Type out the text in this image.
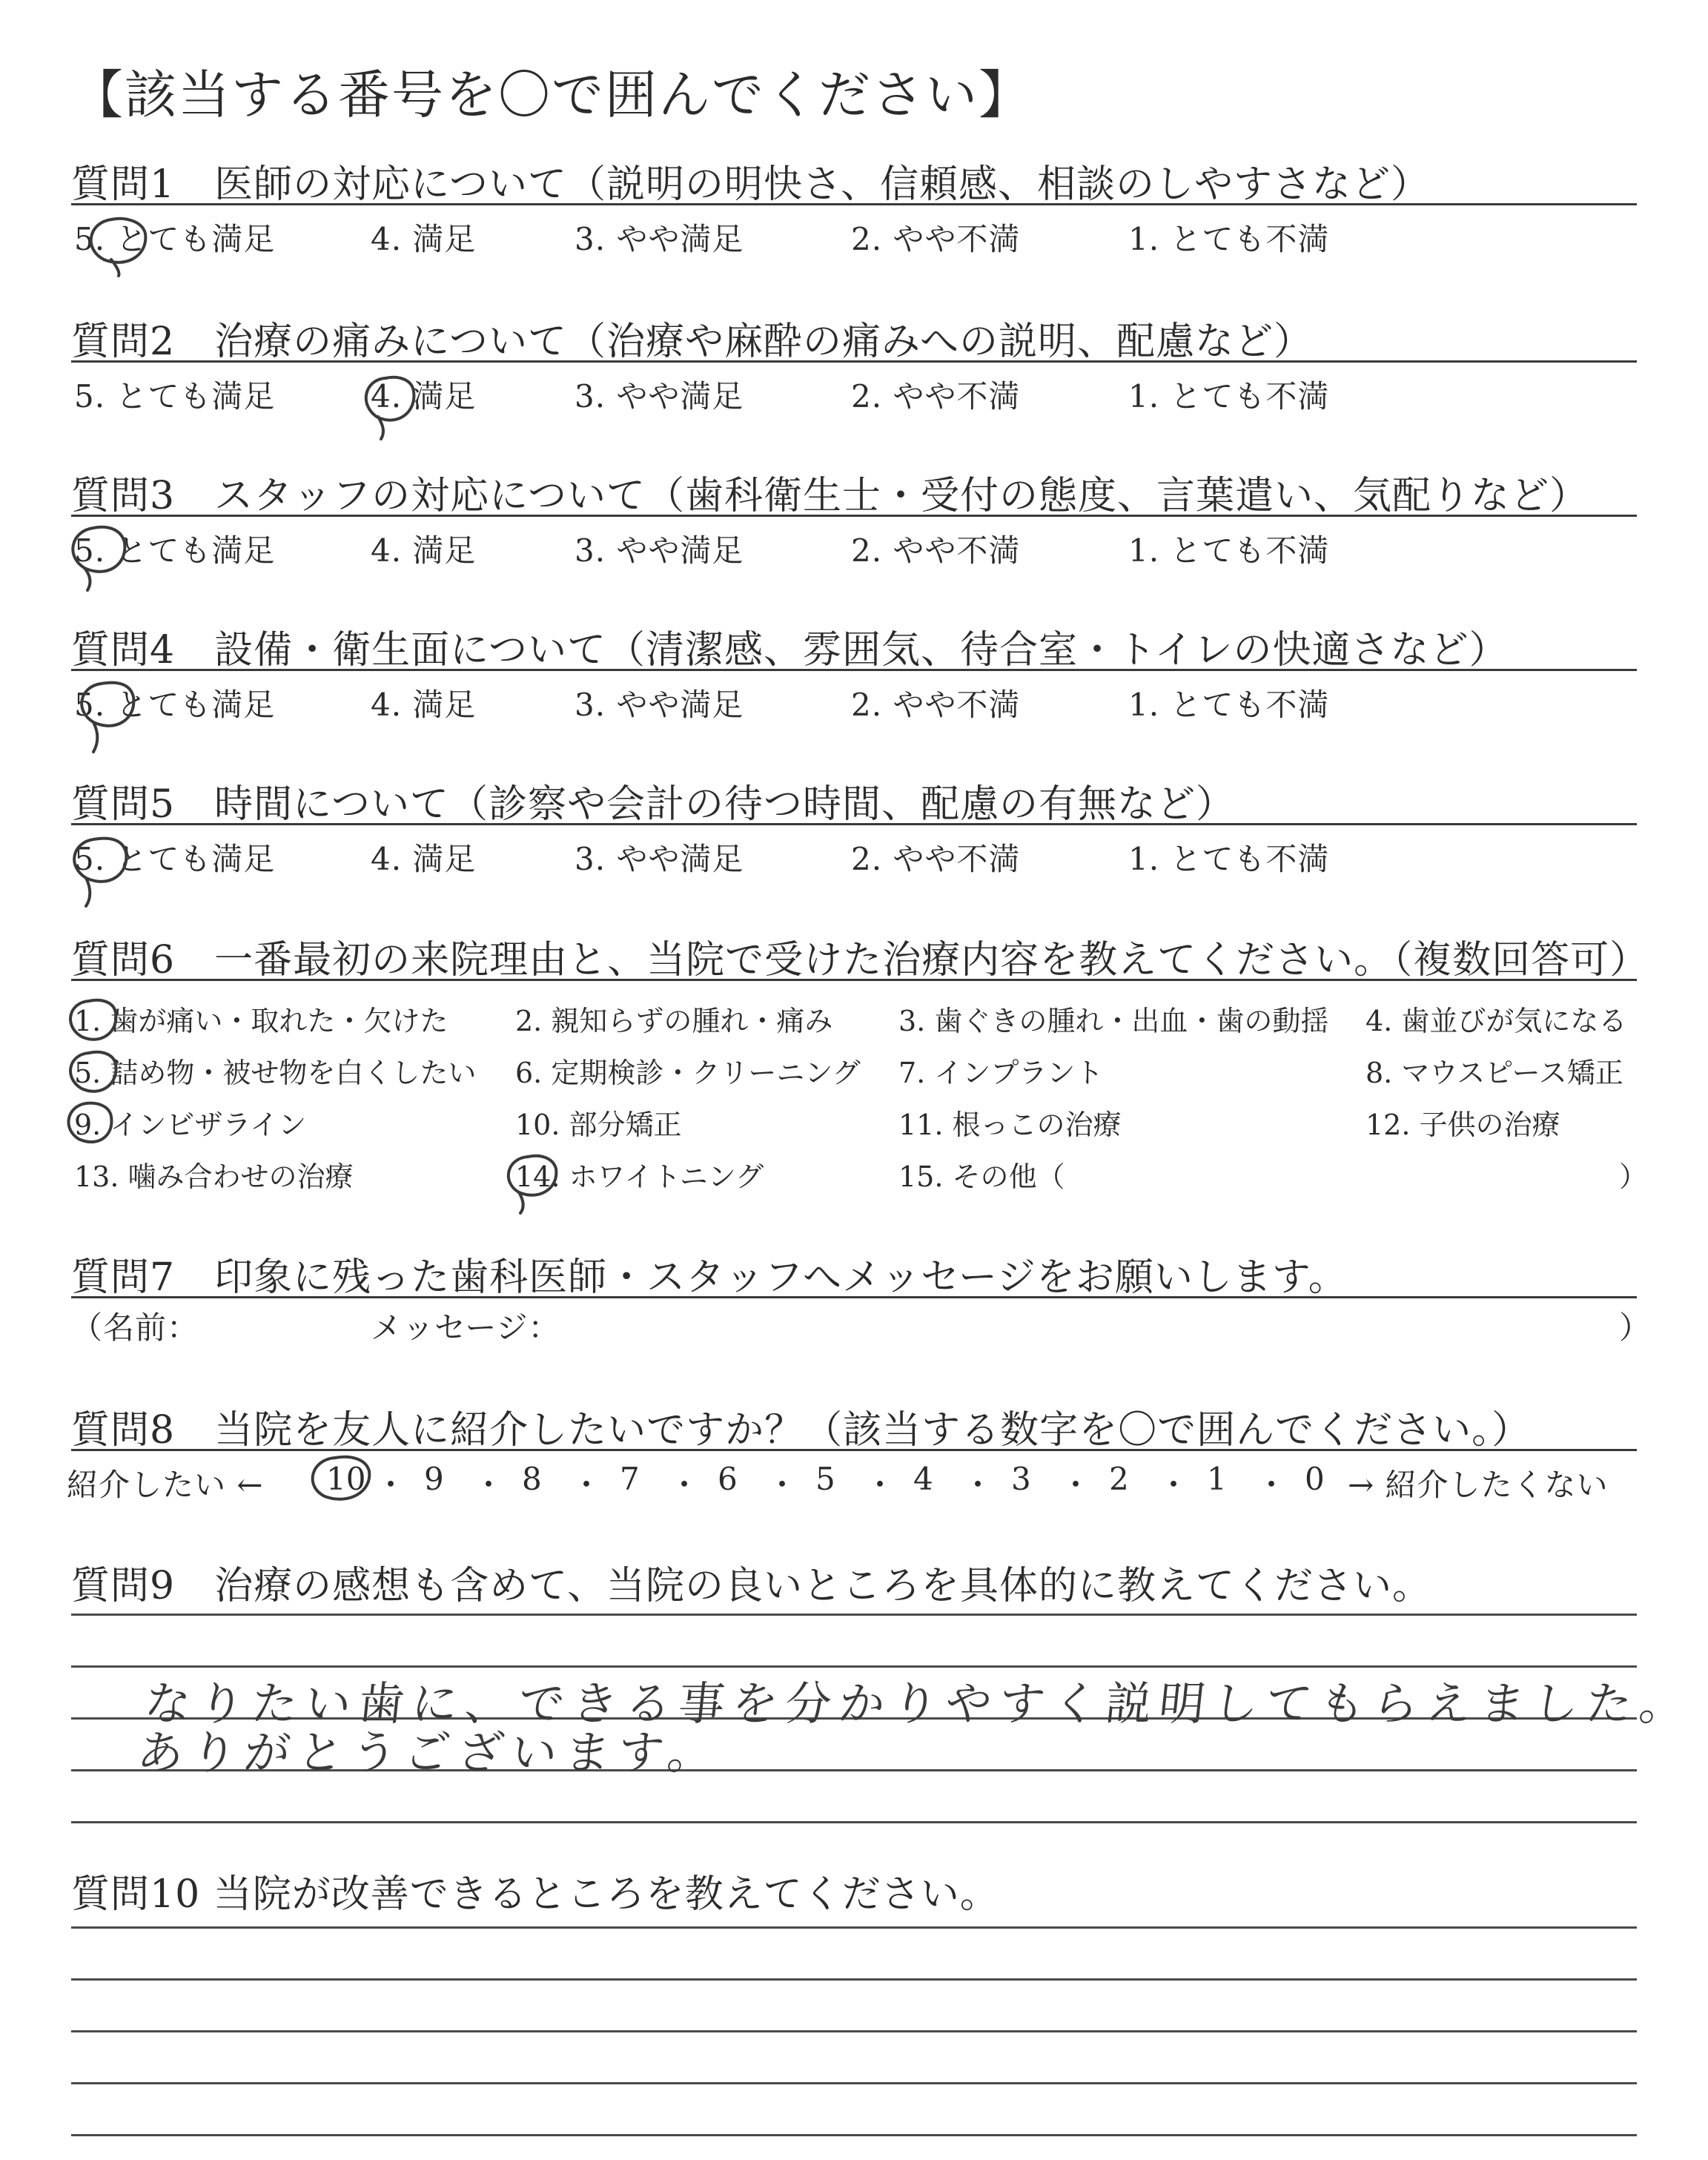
【該当する番号を〇で囲んでください】
質問1　医師の対応について（説明の明快さ、信頼感、相談のしやすさなど）
5. とても満足	4. 満足	3. やや満足	2. やや不満	1. とても不満
質問2　治療の痛みについて（治療や麻酔の痛みへの説明、配慮など）
5. とても満足	4. 満足	3. やや満足	2. やや不満	1. とても不満
質問3　スタッフの対応について（歯科衛生士・受付の態度、言葉遣い、気配りなど）
5. とても満足	4. 満足	3. やや満足	2. やや不満	1. とても不満
質問4　設備・衛生面について（清潔感、雰囲気、待合室・トイレの快適さなど）
5. とても満足	4. 満足	3. やや満足	2. やや不満	1. とても不満
質問5　時間について（診察や会計の待つ時間、配慮の有無など）
5. とても満足	4. 満足	3. やや満足	2. やや不満	1. とても不満
質問6　一番最初の来院理由と、当院で受けた治療内容を教えてください。（複数回答可）
1. 歯が痛い・取れた・欠けた 2. 親知らずの腫れ・痛み 3. 歯ぐきの腫れ・出血・歯の動揺 4. 歯並びが気になる
5. 詰め物・被せ物を白くしたい 6. 定期検診・クリーニング 7. インプラント	8. マウスピース矯正
9. インビザライン	10. 部分矯正	11. 根っこの治療	12. 子供の治療
13. 噛み合わせの治療	14. ホワイトニング	15. その他（	）
質問7　印象に残った歯科医師・スタッフへメッセージをお願いします。
（名前：	メッセージ：	）
質問8　当院を友人に紹介したいですか？（該当する数字を〇で囲んでください。）
紹介したい ← 10 ・ 9 ・ 8 ・ 7 ・ 6 ・ 5 ・ 4 ・ 3 ・ 2 ・ 1 ・ 0 → 紹介したくない
質問9　治療の感想も含めて、当院の良いところを具体的に教えてください。
なりたい歯に、できる事を分かりやすく説明してもらえました。
ありがとうございます。
質問10 当院が改善できるところを教えてください。
